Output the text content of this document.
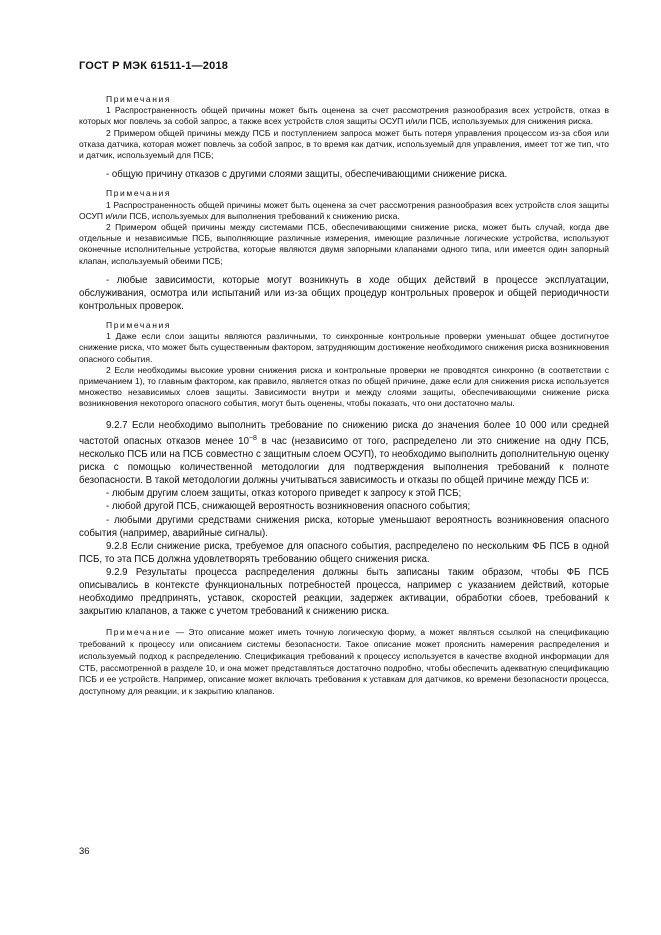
ГОСТ Р МЭК 61511-1—2018

Примечания

1 Распространенность общей причины может быть оценена за счет рассмотрения разнообразия всех устройств, отказ в которых мог повлечь за собой запрос, а также всех устройств слоя защиты ОСУП и/или ПСБ, используемых для снижения риска.

2 Примером общей причины между ПСБ и поступлением запроса может быть потеря управления процессом из-за сбоя или отказа датчика, которая может повлечь за собой запрос, в то время как датчик, используемый для управления, имеет тот же тип, что и датчик, используемый для ПСБ;

- общую причину отказов с другими слоями защиты, обеспечивающими снижение риска.

Примечания

1 Распространенность общей причины может быть оценена за счет рассмотрения разнообразия всех устройств слоя защиты ОСУП и/или ПСБ, используемых для выполнения требований к снижению риска.

2 Примером общей причины между системами ПСБ, обеспечивающими снижение риска, может быть случай, когда две отдельные и независимые ПСБ, выполняющие различные измерения, имеющие различные логические устройства, используют оконечные исполнительные устройства, которые являются двумя запорными клапанами одного типа, или имеется один запорный клапан, используемый обеими ПСБ;

- любые зависимости, которые могут возникнуть в ходе общих действий в процессе эксплуатации, обслуживания, осмотра или испытаний или из-за общих процедур контрольных проверок и общей периодичности контрольных проверок.

Примечания

1 Даже если слои защиты являются различными, то синхронные контрольные проверки уменьшат общее достигнутое снижение риска, что может быть существенным фактором, затрудняющим достижение необходимого снижения риска возникновения опасного события.

2 Если необходимы высокие уровни снижения риска и контрольные проверки не проводятся синхронно (в соответствии с примечанием 1), то главным фактором, как правило, является отказ по общей причине, даже если для снижения риска используется множество независимых слоев защиты. Зависимости внутри и между слоями защиты, обеспечивающими снижение риска возникновения некоторого опасного события, могут быть оценены, чтобы показать, что они достаточно малы.

9.2.7 Если необходимо выполнить требование по снижению риска до значения более 10 000 или средней частотой опасных отказов менее $10^{-8}$ в час (независимо от того, распределено ли это снижение на одну ПСБ, несколько ПСБ или на ПСБ совместно с защитным слоем ОСУП), то необходимо выполнить дополнительную оценку риска с помощью количественной методологии для подтверждения выполнения требований к полноте безопасности. В такой методологии должны учитываться зависимость и отказы по общей причине между ПСБ и:

- любым другим слоем защиты, отказ которого приведет к запросу к этой ПСБ;

- любой другой ПСБ, снижающей вероятность возникновения опасного события;

- любыми другими средствами снижения риска, которые уменьшают вероятность возникновения опасного события (например, аварийные сигналы).

9.2.8 Если снижение риска, требуемое для опасного события, распределено по нескольким ФБ ПСБ в одной ПСБ, то эта ПСБ должна удовлетворять требованию общего снижения риска.

9.2.9 Результаты процесса распределения должны быть записаны таким образом, чтобы ФБ ПСБ описывались в контексте функциональных потребностей процесса, например с указанием действий, которые необходимо предпринять, уставок, скоростей реакции, задержек активации, обработки сбоев, требований к закрытию клапанов, а также с учетом требований к снижению риска.

Примечание — Это описание может иметь точную логическую форму, а может являться ссылкой на спецификацию требований к процессу или описанием системы безопасности. Такое описание может прояснить намерения распределения и используемый подход к распределению. Спецификация требований к процессу используется в качестве входной информации для СТБ, рассмотренной в разделе 10, и она может представляться достаточно подробно, чтобы обеспечить адекватную спецификацию ПСБ и ее устройств. Например, описание может включать требования к уставкам для датчиков, ко времени безопасности процесса, доступному для реакции, и к закрытию клапанов.

36
